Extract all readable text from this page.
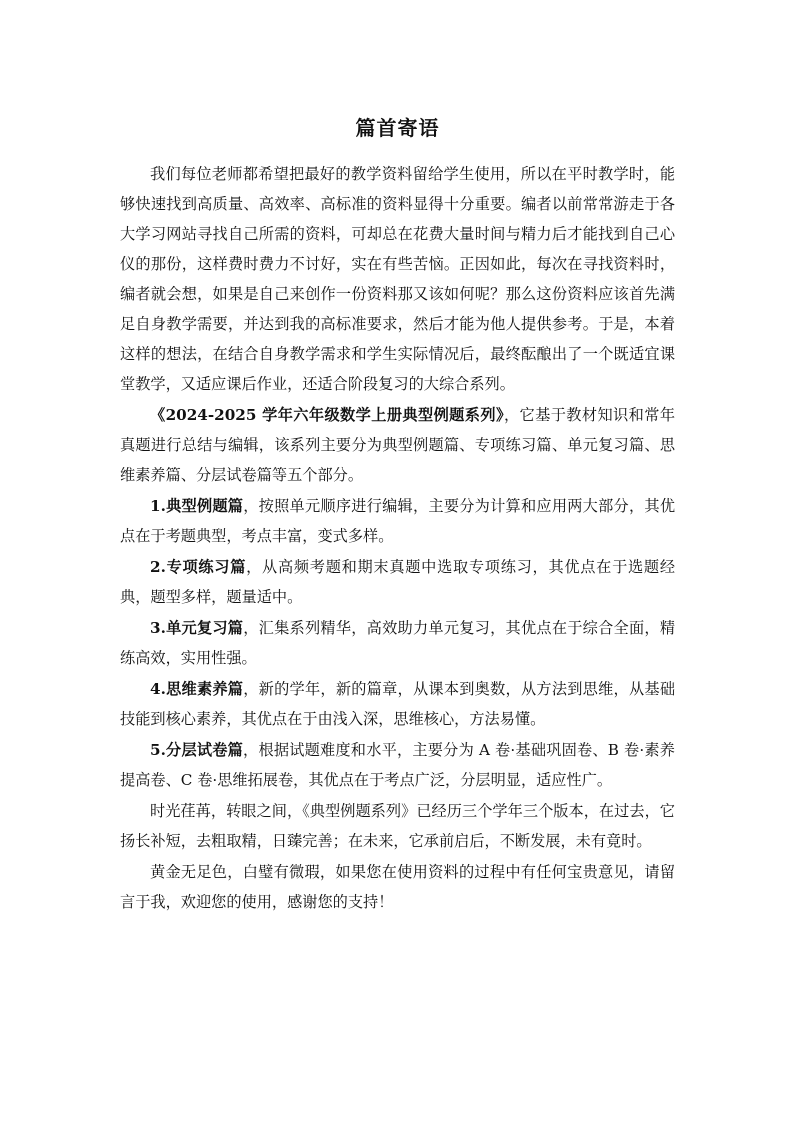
篇首寄语

我们每位老师都希望把最好的教学资料留给学生使用，所以在平时教学时，能够快速找到高质量、高效率、高标准的资料显得十分重要。编者以前常常游走于各大学习网站寻找自己所需的资料，可却总在花费大量时间与精力后才能找到自己心仪的那份，这样费时费力不讨好，实在有些苦恼。正因如此，每次在寻找资料时，编者就会想，如果是自己来创作一份资料那又该如何呢？那么这份资料应该首先满足自身教学需要，并达到我的高标准要求，然后才能为他人提供参考。于是，本着这样的想法，在结合自身教学需求和学生实际情况后，最终酝酿出了一个既适宜课堂教学，又适应课后作业，还适合阶段复习的大综合系列。

《2024-2025 学年六年级数学上册典型例题系列》，它基于教材知识和常年真题进行总结与编辑，该系列主要分为典型例题篇、专项练习篇、单元复习篇、思维素养篇、分层试卷篇等五个部分。

1.典型例题篇，按照单元顺序进行编辑，主要分为计算和应用两大部分，其优点在于考题典型，考点丰富，变式多样。

2.专项练习篇，从高频考题和期末真题中选取专项练习，其优点在于选题经典，题型多样，题量适中。

3.单元复习篇，汇集系列精华，高效助力单元复习，其优点在于综合全面，精练高效，实用性强。

4.思维素养篇，新的学年，新的篇章，从课本到奥数，从方法到思维，从基础技能到核心素养，其优点在于由浅入深，思维核心，方法易懂。

5.分层试卷篇，根据试题难度和水平，主要分为 A 卷·基础巩固卷、B 卷·素养提高卷、C 卷·思维拓展卷，其优点在于考点广泛，分层明显，适应性广。

时光荏苒，转眼之间，《典型例题系列》已经历三个学年三个版本，在过去，它扬长补短，去粗取精，日臻完善；在未来，它承前启后，不断发展，未有竟时。

黄金无足色，白璧有微瑕，如果您在使用资料的过程中有任何宝贵意见，请留言于我，欢迎您的使用，感谢您的支持！
